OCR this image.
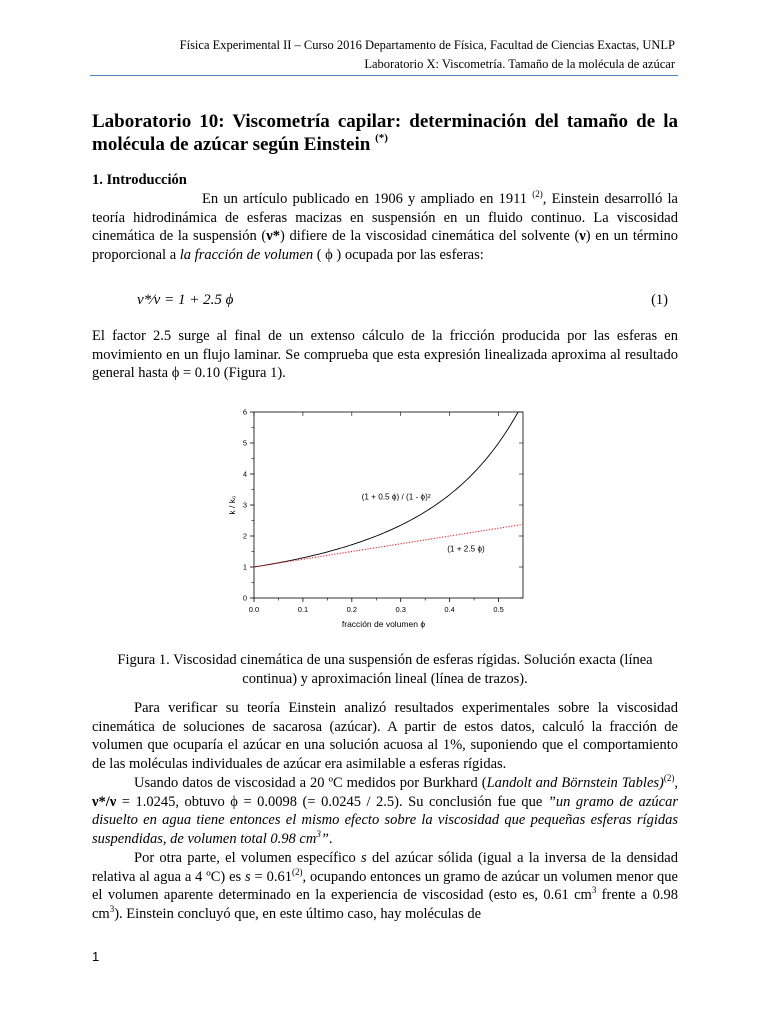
Física Experimental II – Curso 2016 Departamento de Física, Facultad de Ciencias Exactas, UNLP
Laboratorio X: Viscometría. Tamaño de la molécula de azúcar
Laboratorio 10: Viscometría capilar: determinación del tamaño de la molécula de azúcar según Einstein (*)
1. Introducción
En un artículo publicado en 1906 y ampliado en 1911 $^{(2)}$, Einstein desarrolló la teoría hidrodinámica de esferas macizas en suspensión en un fluido continuo. La viscosidad cinemática de la suspensión (ν*) difiere de la viscosidad cinemática del solvente (ν) en un término proporcional a la fracción de volumen ( ϕ ) ocupada por las esferas:
ν*⁄ν = 1 + 2.5 ϕ	(1)
El factor 2.5 surge al final de un extenso cálculo de la fricción producida por las esferas en movimiento en un flujo laminar. Se comprueba que esta expresión linealizada aproxima al resultado general hasta ϕ = 0.10 (Figura 1).
0.0	0.1	0.2	0.3	0.4	0.5
0
1
2
3
4
5
6
fracción de volumen ϕ
k / k₀	(1 + 0.5 ϕ) / (1 - ϕ)²
(1 + 2.5 ϕ)
Figura 1. Viscosidad cinemática de una suspensión de esferas rígidas. Solución exacta (línea continua) y aproximación lineal (línea de trazos).
Para verificar su teoría Einstein analizó resultados experimentales sobre la viscosidad cinemática de soluciones de sacarosa (azúcar). A partir de estos datos, calculó la fracción de volumen que ocuparía el azúcar en una solución acuosa al 1%, suponiendo que el comportamiento de las moléculas individuales de azúcar era asimilable a esferas rígidas.
Usando datos de viscosidad a 20 ºC medidos por Burkhard (Landolt and Börnstein Tables)$^{(2)}$, ν*/ν = 1.0245, obtuvo ϕ = 0.0098 (= 0.0245 / 2.5). Su conclusión fue que ”un gramo de azúcar disuelto en agua tiene entonces el mismo efecto sobre la viscosidad que pequeñas esferas rígidas suspendidas, de volumen total 0.98 $cm^3$”.
Por otra parte, el volumen específico s del azúcar sólida (igual a la inversa de la densidad relativa al agua a 4 ºC) es $s = 0.61^{(2)}$, ocupando entonces un gramo de azúcar un volumen menor que el volumen aparente determinado en la experiencia de viscosidad (esto es, 0.61 $cm^3$ frente a 0.98 $cm^3$). Einstein concluyó que, en este último caso, hay moléculas de
1
